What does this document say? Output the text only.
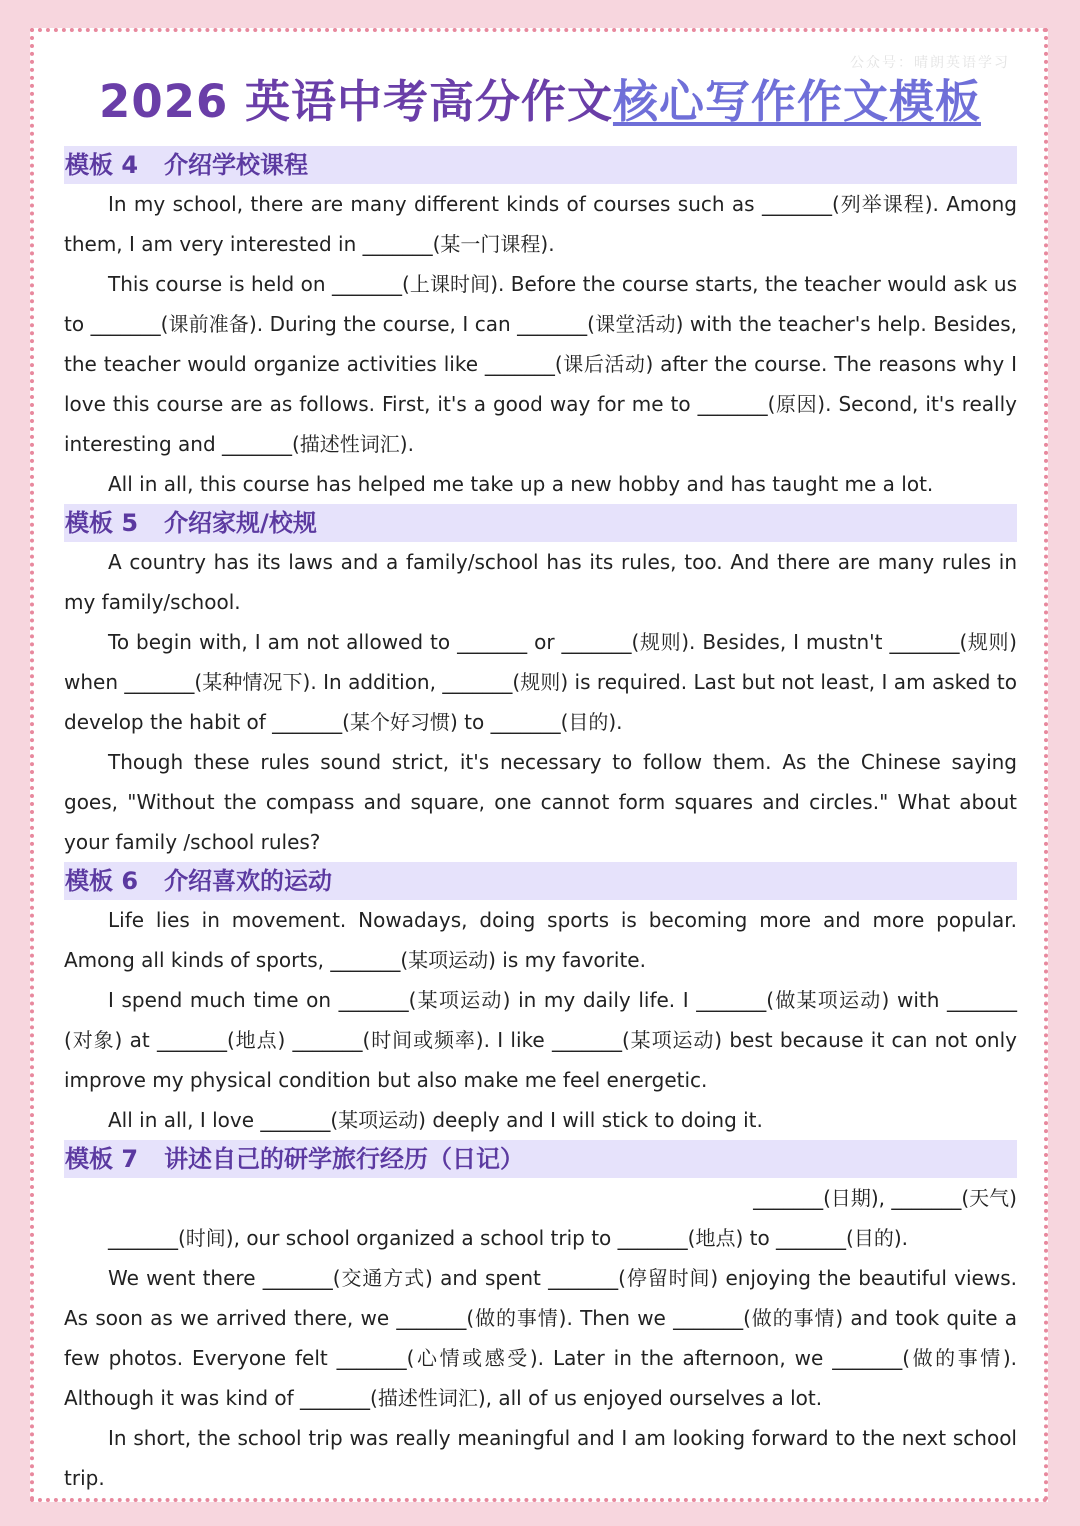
公众号：晴朗英语学习
2026 英语中考高分作文核心写作作文模板
模板 4 介绍学校课程

In my school, there are many different kinds of courses such as _______(列举课程). Among them, I am very interested in _______(某一门课程).

This course is held on _______(上课时间). Before the course starts, the teacher would ask us to _______(课前准备). During the course, I can _______(课堂活动) with the teacher's help. Besides, the teacher would organize activities like _______(课后活动) after the course. The reasons why I love this course are as follows. First, it's a good way for me to _______(原因). Second, it's really interesting and _______(描述性词汇).

All in all, this course has helped me take up a new hobby and has taught me a lot.

模板 5 介绍家规/校规

A country has its laws and a family/school has its rules, too. And there are many rules in my family/school.

To begin with, I am not allowed to _______ or _______(规则). Besides, I mustn't _______(规则) when _______(某种情况下). In addition, _______(规则) is required. Last but not least, I am asked to develop the habit of _______(某个好习惯) to _______(目的).

Though these rules sound strict, it's necessary to follow them. As the Chinese saying goes, "Without the compass and square, one cannot form squares and circles." What about your family /school rules?

模板 6 介绍喜欢的运动

Life lies in movement. Nowadays, doing sports is becoming more and more popular. Among all kinds of sports, _______(某项运动) is my favorite.

I spend much time on _______(某项运动) in my daily life. I _______(做某项运动) with _______ (对象) at _______(地点) _______(时间或频率). I like _______(某项运动) best because it can not only improve my physical condition but also make me feel energetic.

All in all, I love _______(某项运动) deeply and I will stick to doing it.

模板 7 讲述自己的研学旅行经历（日记）

_______(日期), _______(天气)

_______(时间), our school organized a school trip to _______(地点) to _______(目的).

We went there _______(交通方式) and spent _______(停留时间) enjoying the beautiful views. As soon as we arrived there, we _______(做的事情). Then we _______(做的事情) and took quite a few photos. Everyone felt _______(心情或感受). Later in the afternoon, we _______(做的事情). Although it was kind of _______(描述性词汇), all of us enjoyed ourselves a lot.

In short, the school trip was really meaningful and I am looking forward to the next school trip.
